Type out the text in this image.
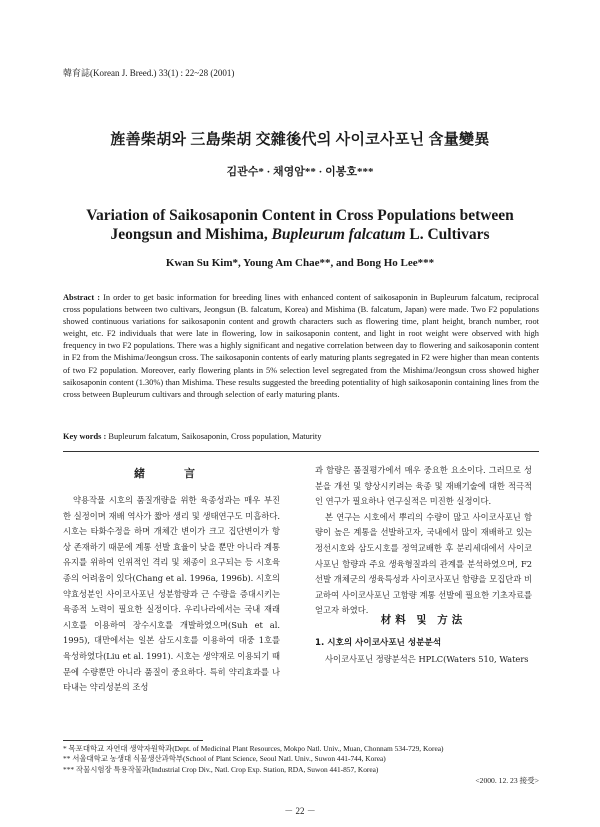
韓育誌(Korean J. Breed.) 33(1) : 22~28 (2001)
旌善柴胡와 三島柴胡 交雜後代의 사이코사포닌 含量變異
김관수* · 채영암** · 이봉호***
Variation of Saikosaponin Content in Cross Populations between
Jeongsun and Mishima, Bupleurum falcatum L. Cultivars
Kwan Su Kim*, Young Am Chae**, and Bong Ho Lee***
Abstract : In order to get basic information for breeding lines with enhanced content of saikosaponin in Bupleurum falcatum, reciprocal cross populations between two cultivars, Jeongsun (B. falcatum, Korea) and Mishima (B. falcatum, Japan) were made. Two F2 populations showed continuous variations for saikosaponin content and growth characters such as flowering time, plant height, branch number, root weight, etc. F2 individuals that were late in flowering, low in saikosaponin content, and light in root weight were observed with high frequency in two F2 populations. There was a highly significant and negative correlation between day to flowering and saikosaponin content in F2 from the Mishima/Jeongsun cross. The saikosaponin contents of early maturing plants segregated in F2 were higher than mean contents of two F2 population. Moreover, early flowering plants in 5% selection level segregated from the Mishima/Jeongsun cross showed higher saikosaponin content (1.30%) than Mishima. These results suggested the breeding potentiality of high saikosaponin containing lines from the cross between Bupleurum cultivars and through selection of early maturing plants.
Key words : Bupleurum falcatum, Saikosaponin, Cross population, Maturity
緒　言

약용작물 시호의 품질개량을 위한 육종성과는 매우 부진한 실정이며 재배 역사가 짧아 생리 및 생태연구도 미흡하다. 시호는 타화수정을 하며 개체간 변이가 크고 집단변이가 항상 존재하기 때문에 계통 선발 효율이 낮을 뿐만 아니라 계통유지를 위하여 인위적인 격리 및 채종이 요구되는 등 시호육종의 어려움이 있다(Chang et al. 1996a, 1996b). 시호의 약효성분인 사이코사포닌 성분함량과 근 수량을 증대시키는 육종적 노력이 필요한 실정이다. 우리나라에서는 국내 재래시호를 이용하여 장수시호를 개발하였으며(Suh et al. 1995), 대만에서는 일본 삼도시호를 이용하여 대중 1호를 육성하였다(Liu et al. 1991). 시호는 생약재로 이용되기 때문에 수량뿐만 아니라 품질이 중요하다. 특히 약리효과를 나타내는 약리성분의 조성

과 함량은 품질평가에서 매우 중요한 요소이다. 그러므로 성분을 개선 및 향상시키려는 육종 및 재배기술에 대한 적극적인 연구가 필요하나 연구실적은 미진한 실정이다.

본 연구는 시호에서 뿌리의 수량이 많고 사이코사포닌 함량이 높은 계통을 선발하고자, 국내에서 많이 재배하고 있는 정선시호와 삼도시호를 정역교배한 후 분리세대에서 사이코사포닌 함량과 주요 생육형질과의 관계를 분석하였으며, F2 선발 개체군의 생육특성과 사이코사포닌 함량을 모집단과 비교하여 사이코사포닌 고함량 계통 선발에 필요한 기초자료를 얻고자 하였다.

材料 및 方法
1. 시호의 사이코사포닌 성분분석

사이코사포닌 정량분석은 HPLC(Waters 510, Waters

* 목포대학교 자연대 생약자원학과(Dept. of Medicinal Plant Resources, Mokpo Natl. Univ., Muan, Chonnam 534-729, Korea)
** 서울대학교 농생대 식물생산과학부(School of Plant Science, Seoul Natl. Univ., Suwon 441-744, Korea)
*** 작물시험장 특용작물과(Industrial Crop Div., Natl. Crop Exp. Station, RDA, Suwon 441-857, Korea)
<2000. 12. 23 接受>
－ 22 －
